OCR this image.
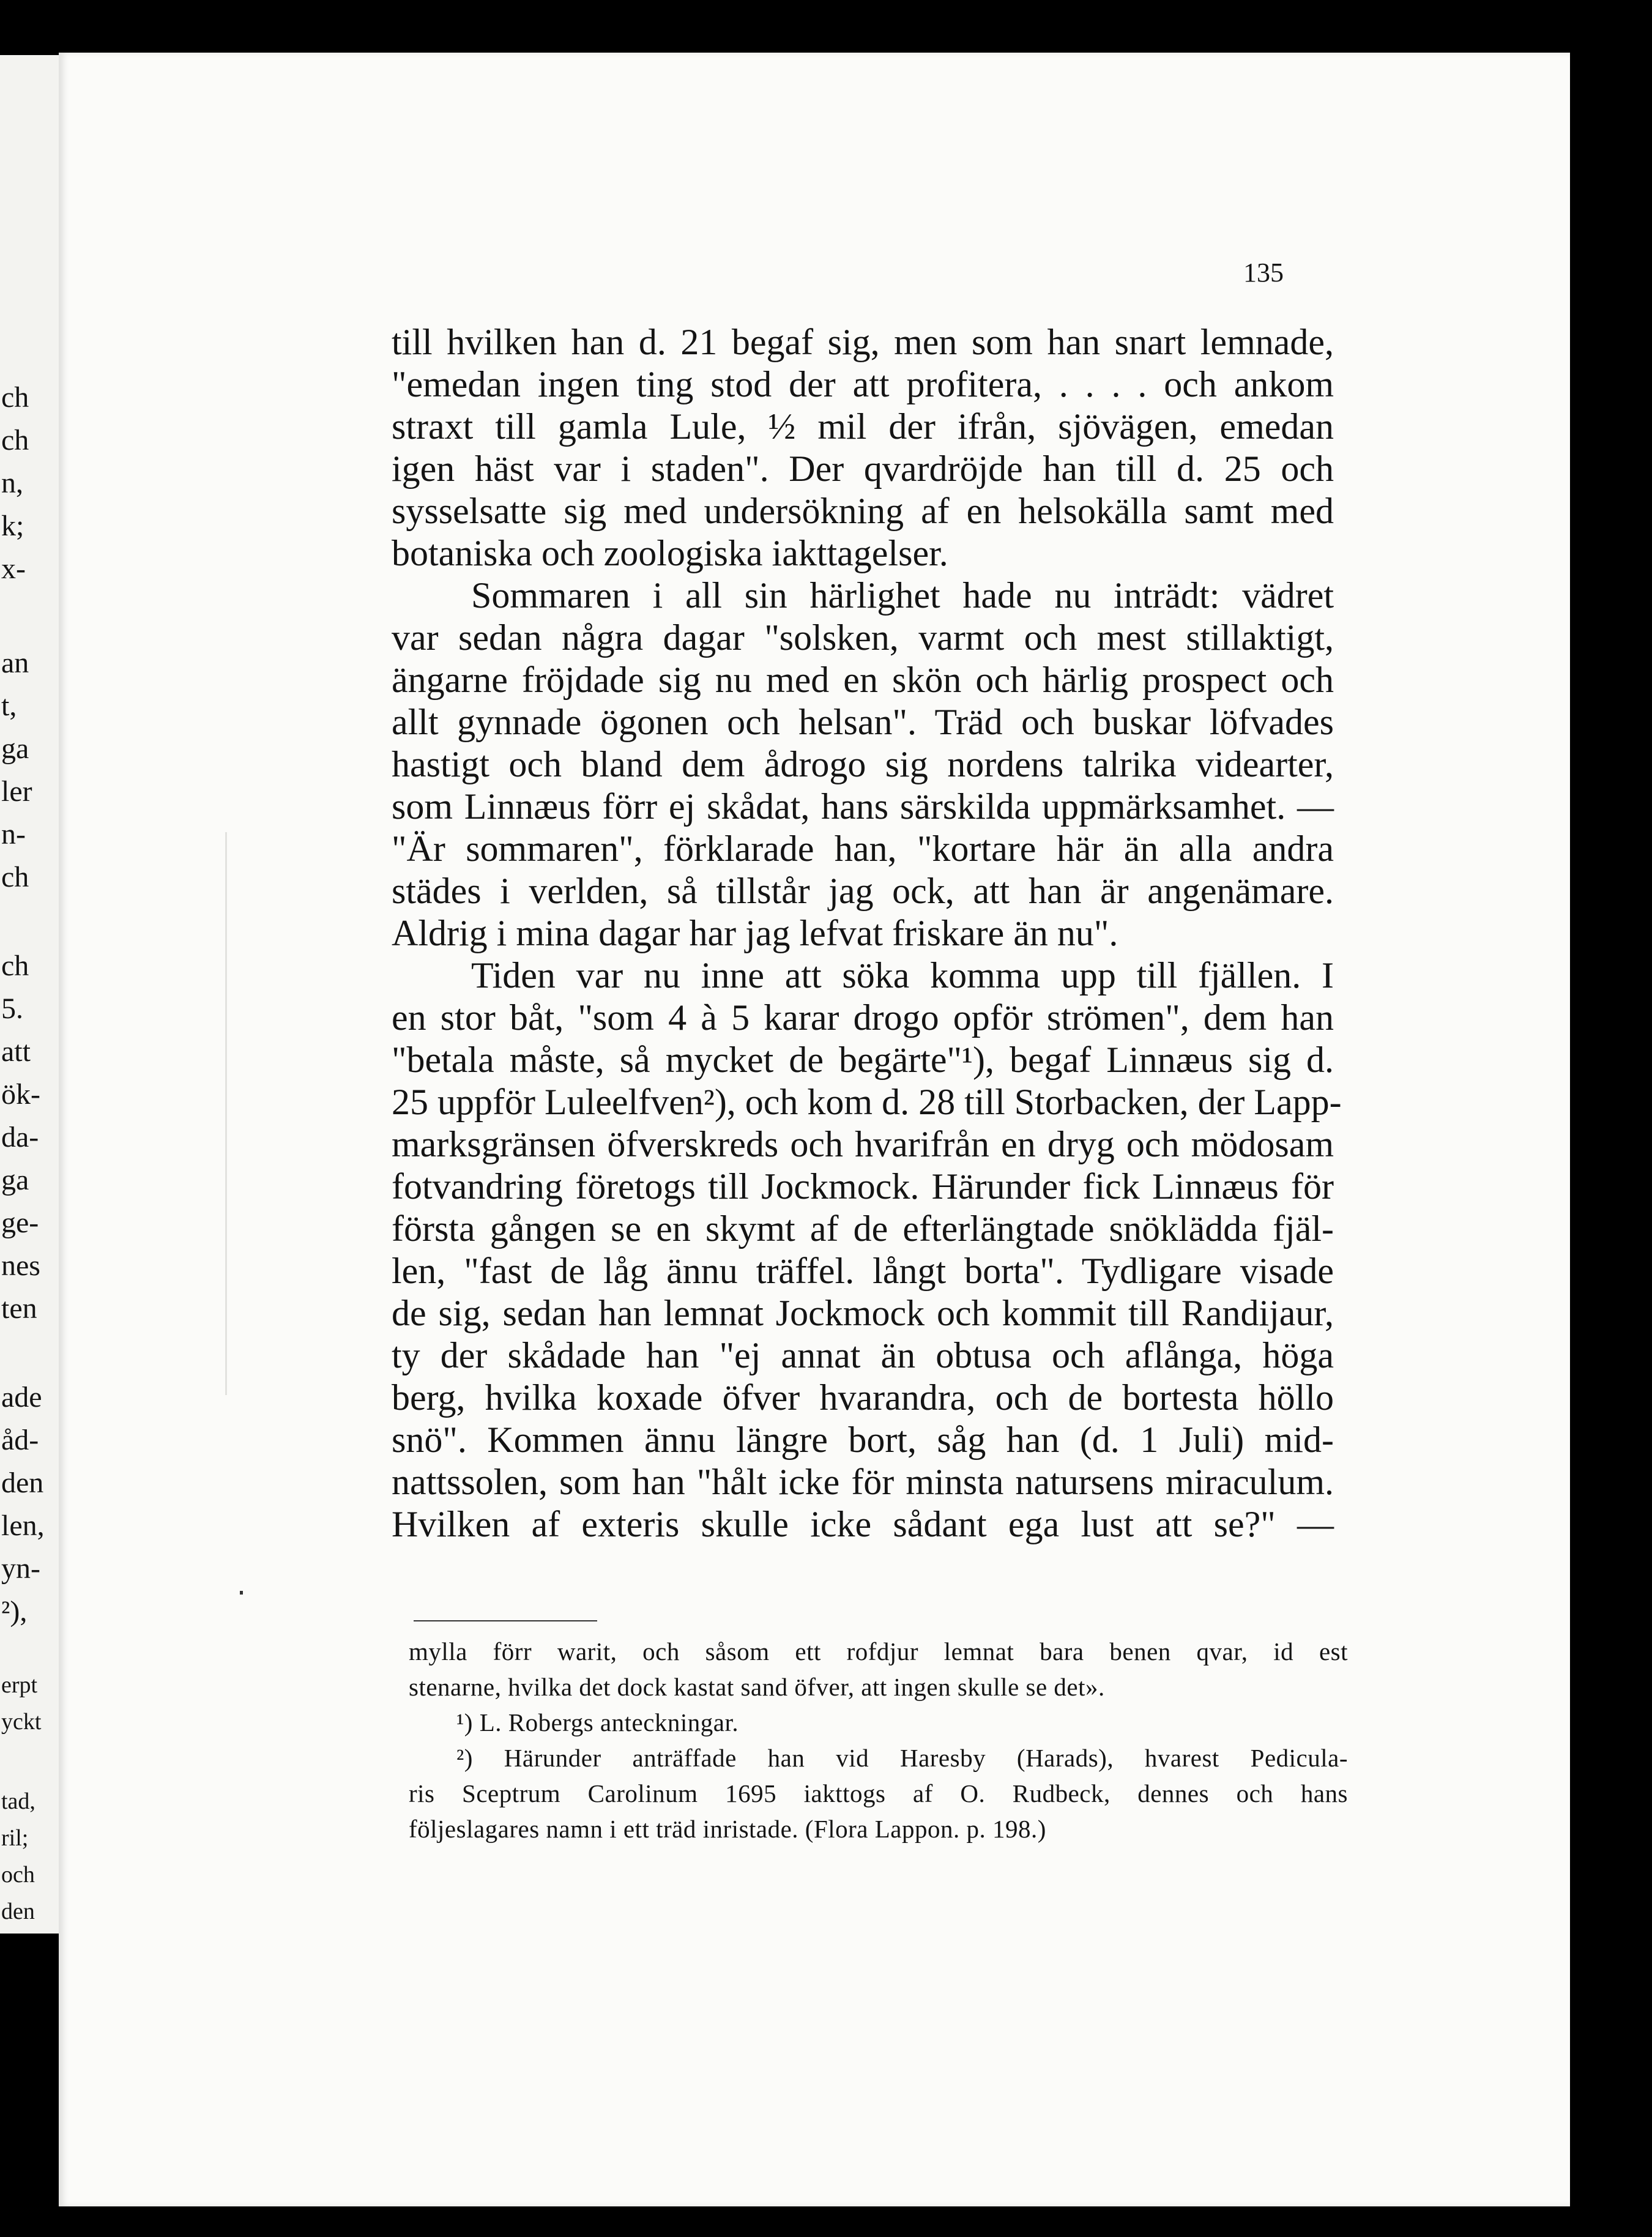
ch
ch
n,
k;
x-
an
t,
ga
ler
n-
ch
ch
5.
att
ök-
da-
ga
ge-
nes
ten
ade
åd-
den
len,
yn-
²),
erpt
yckt
tad,
ril;
och
den
135
till hvilken han d. 21 begaf sig, men som han snart lemnade,
"emedan ingen ting stod der att profitera, . . . . och ankom
straxt till gamla Lule, ½ mil der ifrån, sjövägen, emedan
igen häst var i staden". Der qvardröjde han till d. 25 och
sysselsatte sig med undersökning af en helsokälla samt med
botaniska och zoologiska iakttagelser.
Sommaren i all sin härlighet hade nu inträdt: vädret
var sedan några dagar "solsken, varmt och mest stillaktigt,
ängarne fröjdade sig nu med en skön och härlig prospect och
allt gynnade ögonen och helsan". Träd och buskar löfvades
hastigt och bland dem ådrogo sig nordens talrika videarter,
som Linnæus förr ej skådat, hans särskilda uppmärksamhet. —
"Är sommaren", förklarade han, "kortare här än alla andra
städes i verlden, så tillstår jag ock, att han är angenämare.
Aldrig i mina dagar har jag lefvat friskare än nu".
Tiden var nu inne att söka komma upp till fjällen. I
en stor båt, "som 4 à 5 karar drogo opför strömen", dem han
"betala måste, så mycket de begärte"¹), begaf Linnæus sig d.
25 uppför Luleelfven²), och kom d. 28 till Storbacken, der Lapp-
marksgränsen öfverskreds och hvarifrån en dryg och mödosam
fotvandring företogs till Jockmock. Härunder fick Linnæus för
första gången se en skymt af de efterlängtade snöklädda fjäl-
len, "fast de låg ännu träffel. långt borta". Tydligare visade
de sig, sedan han lemnat Jockmock och kommit till Randijaur,
ty der skådade han "ej annat än obtusa och aflånga, höga
berg, hvilka koxade öfver hvarandra, och de bortesta höllo
snö". Kommen ännu längre bort, såg han (d. 1 Juli) mid-
nattssolen, som han "hålt icke för minsta natursens miraculum.
Hvilken af exteris skulle icke sådant ega lust att se?" —
mylla förr warit, och såsom ett rofdjur lemnat bara benen qvar, id est
stenarne, hvilka det dock kastat sand öfver, att ingen skulle se det».
¹) L. Robergs anteckningar.
²) Härunder anträffade han vid Haresby (Harads), hvarest Pedicula-
ris Sceptrum Carolinum 1695 iakttogs af O. Rudbeck, dennes och hans
följeslagares namn i ett träd inristade. (Flora Lappon. p. 198.)
